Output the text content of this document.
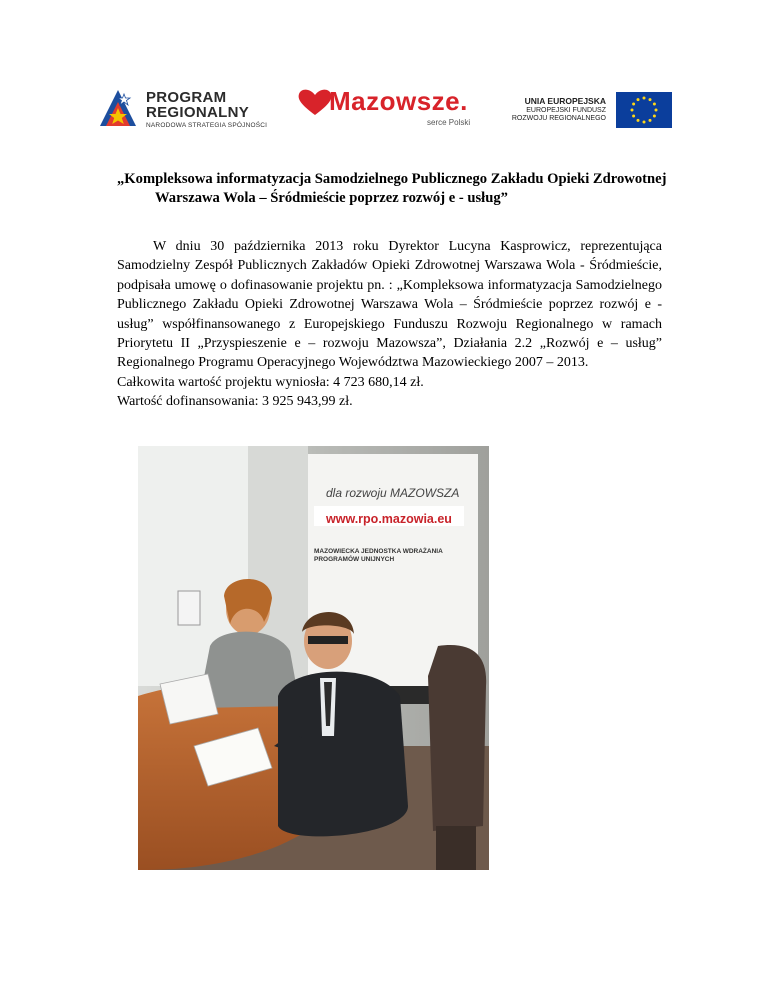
PROGRAM
REGIONALNY
NARODOWA STRATEGIA SPÓJNOŚCI
Mazowsze.
serce Polski
UNIA EUROPEJSKA
EUROPEJSKI FUNDUSZ
ROZWOJU REGIONALNEGO
„Kompleksowa informatyzacja Samodzielnego Publicznego Zakładu Opieki Zdrowotnej
Warszawa Wola – Śródmieście poprzez rozwój e - usług”
W dniu 30 października 2013 roku Dyrektor Lucyna Kasprowicz, reprezentująca Samodzielny Zespół Publicznych Zakładów Opieki Zdrowotnej Warszawa Wola - Śródmieście, podpisała umowę o dofinasowanie projektu pn. : „Kompleksowa informatyzacja Samodzielnego Publicznego Zakładu Opieki Zdrowotnej Warszawa Wola – Śródmieście poprzez rozwój e - usług” współfinansowanego z Europejskiego Funduszu Rozwoju Regionalnego w ramach Priorytetu II „Przyspieszenie e – rozwoju Mazowsza”, Działania 2.2 „Rozwój e – usług” Regionalnego Programu Operacyjnego Województwa Mazowieckiego 2007 – 2013.
Całkowita wartość projektu wyniosła: 4 723 680,14 zł.
Wartość dofinansowania: 3 925 943,99 zł.
dla rozwoju MAZOWSZA
www.rpo.mazowia.eu
MAZOWIECKA JEDNOSTKA WDRAŻANIA
PROGRAMÓW UNIJNYCH
